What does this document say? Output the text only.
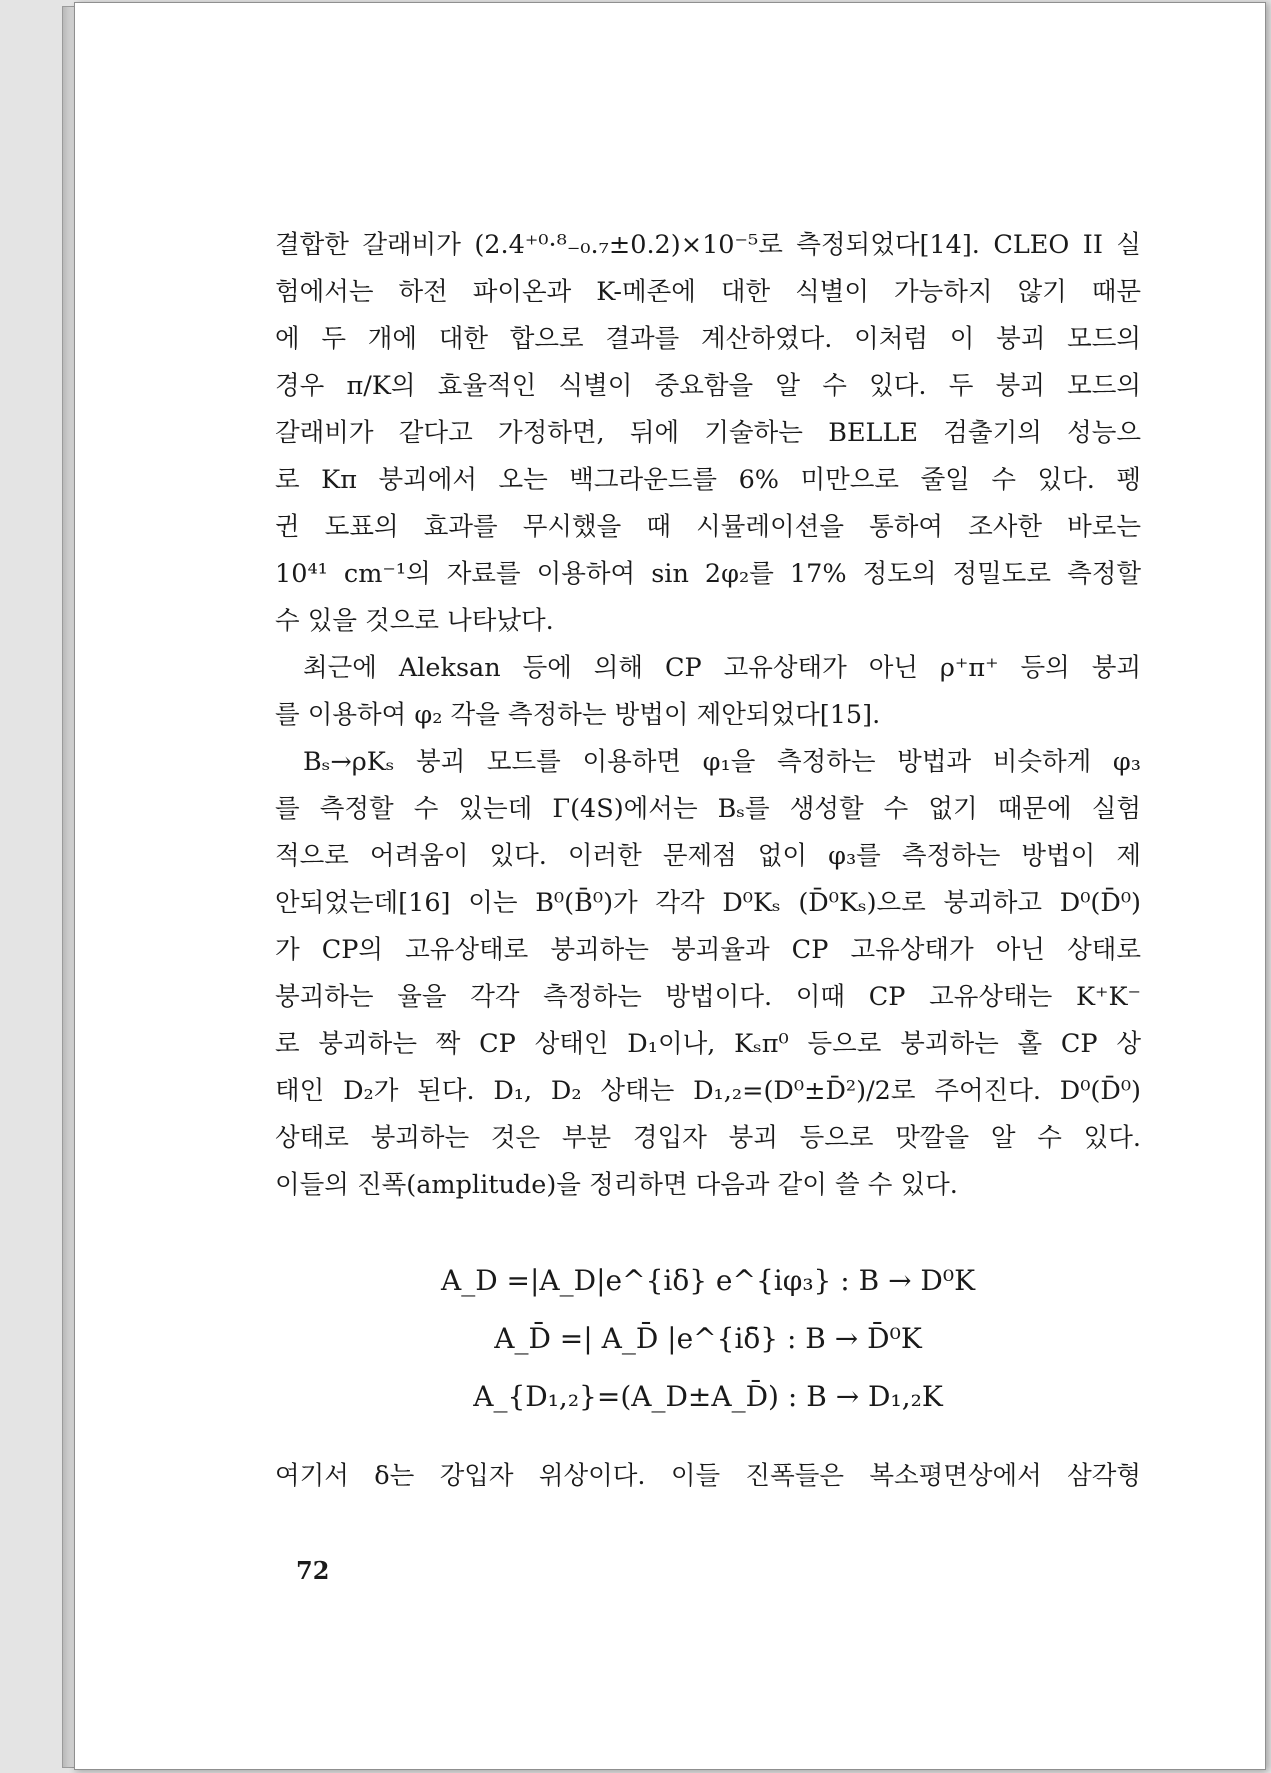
결합한 갈래비가 (2.4⁺⁰·⁸₋₀.₇±0.2)×10⁻⁵로 측정되었다[14]. CLEO II 실
험에서는 하전 파이온과 K-메존에 대한 식별이 가능하지 않기 때문
에 두 개에 대한 합으로 결과를 계산하였다. 이처럼 이 붕괴 모드의
경우 π/K의 효율적인 식별이 중요함을 알 수 있다. 두 붕괴 모드의
갈래비가 같다고 가정하면, 뒤에 기술하는 BELLE 검출기의 성능으
로 Kπ 붕괴에서 오는 백그라운드를 6% 미만으로 줄일 수 있다. 펭
귄 도표의 효과를 무시했을 때 시뮬레이션을 통하여 조사한 바로는
10⁴¹ cm⁻¹의 자료를 이용하여 sin 2φ₂를 17% 정도의 정밀도로 측정할
수 있을 것으로 나타났다.

최근에 Aleksan 등에 의해 CP 고유상태가 아닌 ρ⁺π⁺ 등의 붕괴
를 이용하여 φ₂ 각을 측정하는 방법이 제안되었다[15].

Bₛ→ρKₛ 붕괴 모드를 이용하면 φ₁을 측정하는 방법과 비슷하게 φ₃
를 측정할 수 있는데 Γ(4S)에서는 Bₛ를 생성할 수 없기 때문에 실험
적으로 어려움이 있다. 이러한 문제점 없이 φ₃를 측정하는 방법이 제
안되었는데[16] 이는 B⁰(B̄⁰)가 각각 D⁰Kₛ (D̄⁰Kₛ)으로 붕괴하고 D⁰(D̄⁰)
가 CP의 고유상태로 붕괴하는 붕괴율과 CP 고유상태가 아닌 상태로
붕괴하는 율을 각각 측정하는 방법이다. 이때 CP 고유상태는 K⁺K⁻
로 붕괴하는 짝 CP 상태인 D₁이나, Kₛπ⁰ 등으로 붕괴하는 홀 CP 상
태인 D₂가 된다. D₁, D₂ 상태는 D₁,₂=(D⁰±D̄²)/2로 주어진다. D⁰(D̄⁰)
상태로 붕괴하는 것은 부분 경입자 붕괴 등으로 맛깔을 알 수 있다.
이들의 진폭(amplitude)을 정리하면 다음과 같이 쓸 수 있다.

A_D =|A_D|e^{iδ} e^{iφ₃} : B → D⁰K
A_D̄ =| A_D̄ |e^{iδ̄} : B → D̄⁰K
A_{D₁,₂}=(A_D±A_D̄) : B → D₁,₂K
여기서 δ는 강입자 위상이다. 이들 진폭들은 복소평면상에서 삼각형
72
